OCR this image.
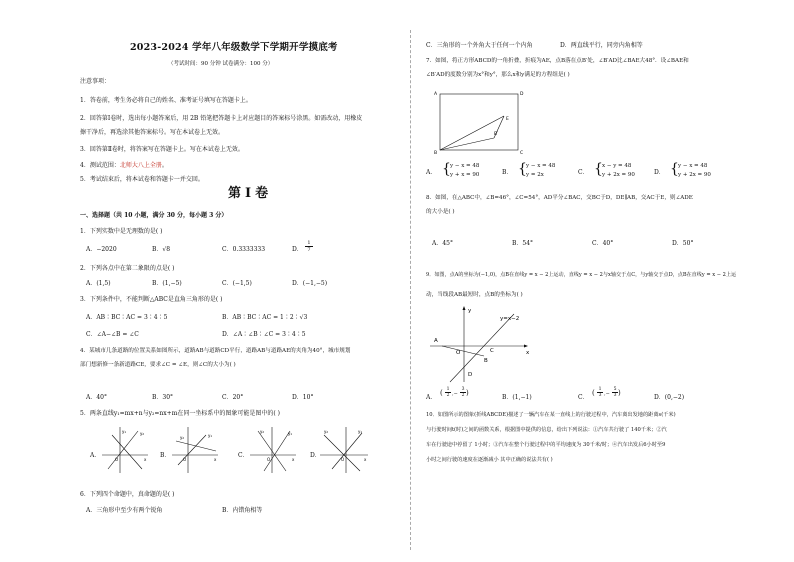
2023-2024 学年八年级数学下学期开学摸底考
（考试时间：90 分钟 试卷满分：100 分）
注意事项：
1．答卷前，考生务必将自己的姓名、准考证号填写在答题卡上。
2．回答第Ⅰ卷时，选出每小题答案后，用 2B 铅笔把答题卡上对应题目的答案标号涂黑。如需改动，用橡皮
擦干净后，再选涂其他答案标号。写在本试卷上无效。
3．回答第Ⅱ卷时，将答案写在答题卡上。写在本试卷上无效。
4．测试范围：北师大八上全册。
5．考试结束后，将本试卷和答题卡一并交回。
第Ⅰ卷
一、选择题（共 10 小题，满分 30 分，每小题 3 分）
1．下列实数中是无理数的是( )
A．−2020	B．√8	C．0.3333333	D．
1
7
2．下列各点中在第二象限的点是( )
A．(1,5)	B．(1,−5)	C．(−1,5)	D．(−1,−5)
3．下列条件中，不能判断△ABC是直角三角形的是( )
A．AB∶BC∶AC = 3∶4∶5	B．AB∶BC∶AC = 1∶2∶√3
C．∠A−∠B = ∠C	D．∠A∶∠B∶∠C = 3∶4∶5
4．某城市几条道路的位置关系如图所示，道路AB与道路CD平行，道路AB与道路AE的夹角为40°，城市规划
部门想新修一条新道路CE，要求∠C = ∠E，则∠C的大小为( )
A．40°	B．30°	C．20°	D．10°
5．两条直线y₁=mx+n与y₂=nx+m在同一坐标系中的图象可能是图中的( )
A．	B．	C．	D．
y₁	y₂
x
O
y₂	y₁
x
O
y₂	y₁
x
O
y₂	y₁
x
O
6．下列四个命题中，真命题的是( )
A．三角形中至少有两个锐角	B．内错角相等
C．三角形的一个外角大于任何一个内角	D．两直线平行，同旁内角相等
7．如图，将正方形ABCD的一角折叠，折痕为AE，点B落在点B′处，∠B′AD比∠BAE大48°．设∠BAE和
∠B′AD的度数分别为x°和y°，那么x和y满足的方程组是( )
A	D
B
E
B′
C
A． { y − x = 48
y + x = 90	B． { y − x = 48
y = 2x	C． { x − y = 48
y + 2x = 90	D． { y − x = 48
y + 2x = 90
8．如图，在△ABC中，∠B=46°，∠C=54°，AD平分∠BAC，交BC于D，DE∥AB，交AC于E，则∠ADE
的大小是( )
A．45°	B．54°	C．40°	D．50°
9．如图，点A的坐标为(−1,0)，点B在直线y = x − 2上运动，直线y = x − 2与x轴交于点C，与y轴交于点D，点B在直线y = x − 2上运
动，当线段AB最短时，点B的坐标为( )
y
x
A
O
B
C
D
y=x−2
A．
( 1
2 ,−
3
2 )
B．(1,−1)	C．
( 1
3 ,−
5
3 )
D．(0,−2)
10．如图所示的图象(折线ABCDE)描述了一辆汽车在某一直线上的行驶过程中，汽车离出发地的距离s(千米)
与行驶时间t(时)之间的函数关系，根据图中提供的信息，给出下列说法：①汽车共行驶了 140千米；②汽
车在行驶途中停留了 1小时；③汽车在整个行驶过程中的平均速度为 30千米/时；④汽车出发后6小时至9
小时之间行驶的速度在逐渐减小 其中正确的说法共有( )
